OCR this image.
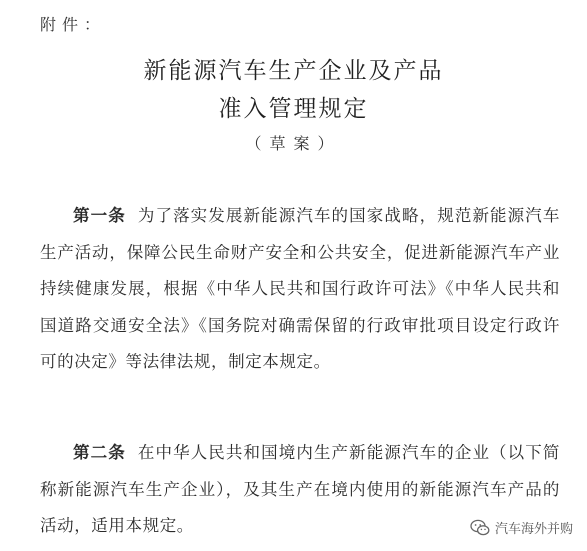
附件：
新能源汽车生产企业及产品
准入管理规定
（草案）
第一条 为了落实发展新能源汽车的国家战略，规范新能源汽车生产活动，保障公民生命财产安全和公共安全，促进新能源汽车产业持续健康发展，根据《中华人民共和国行政许可法》《中华人民共和国道路交通安全法》《国务院对确需保留的行政审批项目设定行政许可的决定》等法律法规，制定本规定。
第二条 在中华人民共和国境内生产新能源汽车的企业（以下简称新能源汽车生产企业），及其生产在境内使用的新能源汽车产品的活动，适用本规定。	汽车海外并购
